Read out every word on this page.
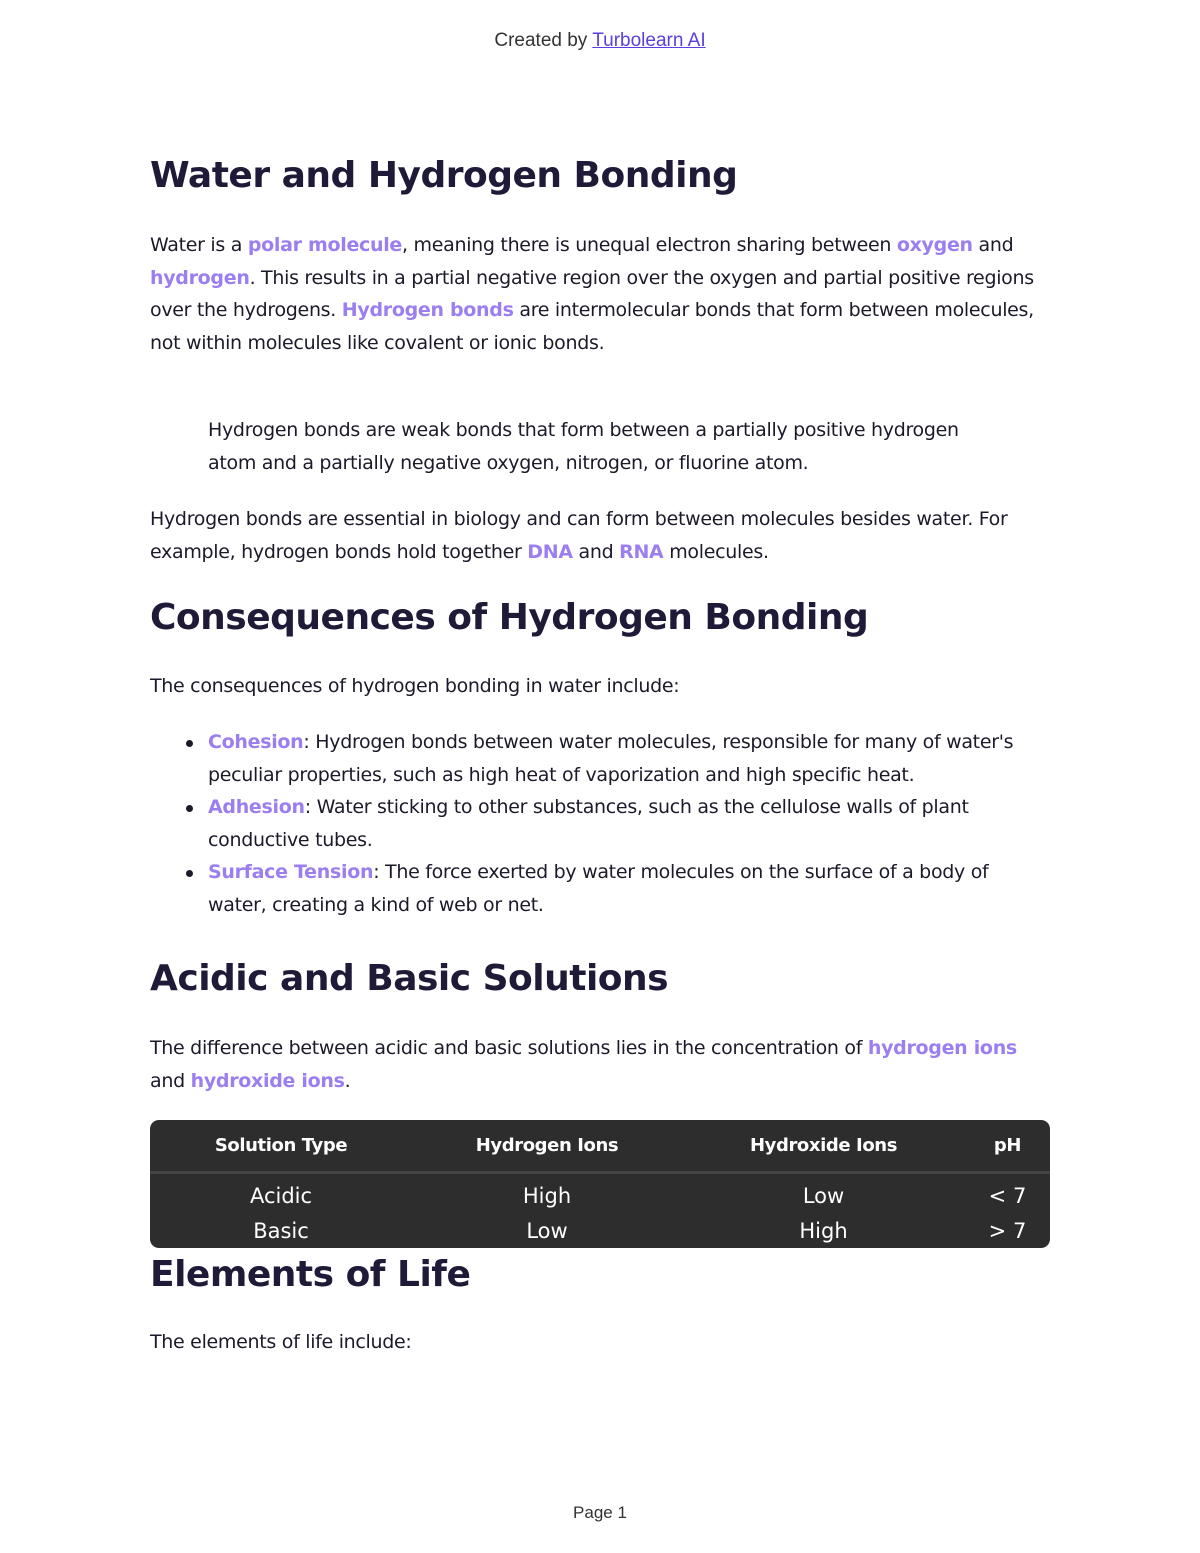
Created by Turbolearn AI
Water and Hydrogen Bonding

Water is a polar molecule, meaning there is unequal electron sharing between oxygen and hydrogen. This results in a partial negative region over the oxygen and partial positive regions over the hydrogens. Hydrogen bonds are intermolecular bonds that form between molecules, not within molecules like covalent or ionic bonds.

Hydrogen bonds are weak bonds that form between a partially positive hydrogen atom and a partially negative oxygen, nitrogen, or fluorine atom.

Hydrogen bonds are essential in biology and can form between molecules besides water. For example, hydrogen bonds hold together DNA and RNA molecules.

Consequences of Hydrogen Bonding

The consequences of hydrogen bonding in water include:

Cohesion: Hydrogen bonds between water molecules, responsible for many of water's peculiar properties, such as high heat of vaporization and high specific heat.
Adhesion: Water sticking to other substances, such as the cellulose walls of plant conductive tubes.
Surface Tension: The force exerted by water molecules on the surface of a body of water, creating a kind of web or net.
Acidic and Basic Solutions

The difference between acidic and basic solutions lies in the concentration of hydrogen ions and hydroxide ions.

Solution Type	Hydrogen Ions	Hydroxide Ions	pH
Acidic	High	Low	< 7
Basic	Low	High	> 7
Elements of Life

The elements of life include:

Page 1
